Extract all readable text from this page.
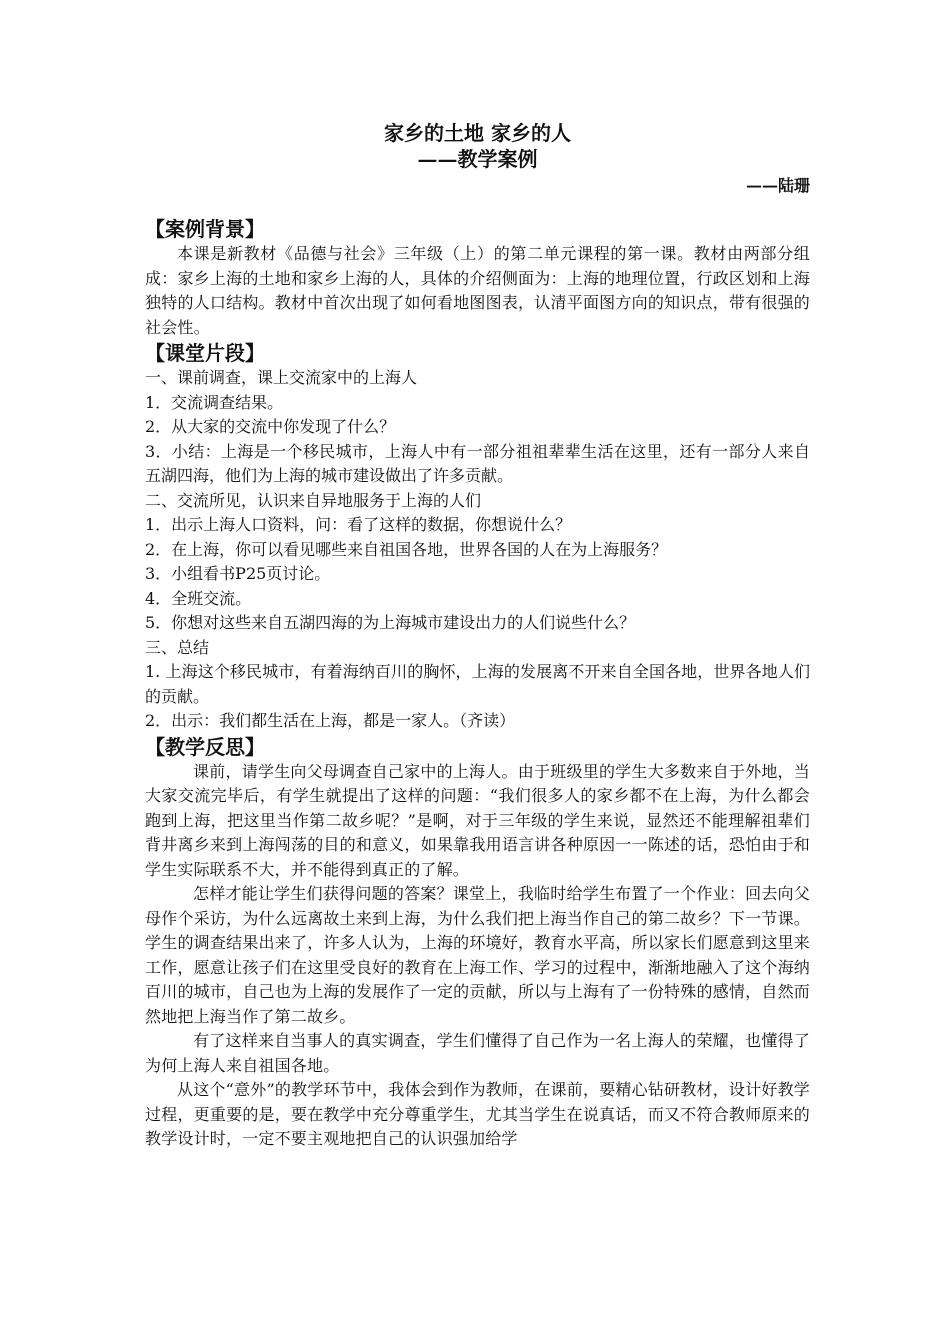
家乡的土地 家乡的人

——教学案例

——陆珊

【案例背景】

本课是新教材《品德与社会》三年级（上）的第二单元课程的第一课。教材由两部分组成：家乡上海的土地和家乡上海的人，具体的介绍侧面为：上海的地理位置，行政区划和上海独特的人口结构。教材中首次出现了如何看地图图表，认清平面图方向的知识点，带有很强的社会性。

【课堂片段】

一、课前调查，课上交流家中的上海人

1．交流调查结果。

2．从大家的交流中你发现了什么？

3．小结：上海是一个移民城市，上海人中有一部分祖祖辈辈生活在这里，还有一部分人来自五湖四海，他们为上海的城市建设做出了许多贡献。

二、交流所见，认识来自异地服务于上海的人们

1．出示上海人口资料，问：看了这样的数据，你想说什么？

2．在上海，你可以看见哪些来自祖国各地，世界各国的人在为上海服务？

3．小组看书P25页讨论。

4．全班交流。

5．你想对这些来自五湖四海的为上海城市建设出力的人们说些什么？

三、总结

1. 上海这个移民城市，有着海纳百川的胸怀，上海的发展离不开来自全国各地，世界各地人们的贡献。

2．出示：我们都生活在上海，都是一家人。（齐读）

【教学反思】

课前，请学生向父母调查自己家中的上海人。由于班级里的学生大多数来自于外地，当大家交流完毕后，有学生就提出了这样的问题：“我们很多人的家乡都不在上海，为什么都会跑到上海，把这里当作第二故乡呢？”是啊，对于三年级的学生来说，显然还不能理解祖辈们背井离乡来到上海闯荡的目的和意义，如果靠我用语言讲各种原因一一陈述的话，恐怕由于和学生实际联系不大，并不能得到真正的了解。

怎样才能让学生们获得问题的答案？课堂上，我临时给学生布置了一个作业：回去向父母作个采访，为什么远离故土来到上海，为什么我们把上海当作自己的第二故乡？下一节课。学生的调查结果出来了，许多人认为，上海的环境好，教育水平高，所以家长们愿意到这里来工作，愿意让孩子们在这里受良好的教育在上海工作、学习的过程中，渐渐地融入了这个海纳百川的城市，自己也为上海的发展作了一定的贡献，所以与上海有了一份特殊的感情，自然而然地把上海当作了第二故乡。

有了这样来自当事人的真实调查，学生们懂得了自己作为一名上海人的荣耀，也懂得了为何上海人来自祖国各地。

从这个“意外”的教学环节中，我体会到作为教师，在课前，要精心钻研教材，设计好教学过程，更重要的是，要在教学中充分尊重学生，尤其当学生在说真话，而又不符合教师原来的教学设计时，一定不要主观地把自己的认识强加给学
